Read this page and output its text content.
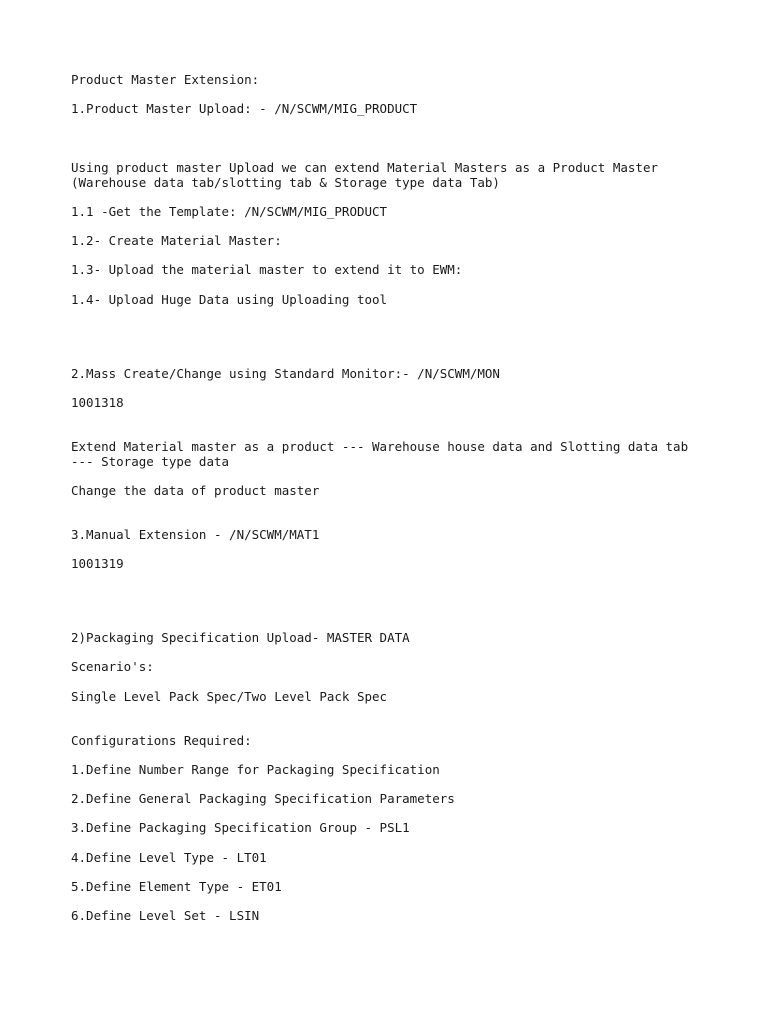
Product Master Extension:

1.Product Master Upload: - /N/SCWM/MIG_PRODUCT

Using product master Upload we can extend Material Masters as a Product Master

(Warehouse data tab/slotting tab & Storage type data Tab)

1.1 -Get the Template: /N/SCWM/MIG_PRODUCT

1.2- Create Material Master:

1.3- Upload the material master to extend it to EWM:

1.4- Upload Huge Data using Uploading tool

2.Mass Create/Change using Standard Monitor:- /N/SCWM/MON

1001318

Extend Material master as a product --- Warehouse house data and Slotting data tab

--- Storage type data

Change the data of product master

3.Manual Extension - /N/SCWM/MAT1

1001319

2)Packaging Specification Upload- MASTER DATA

Scenario's:

Single Level Pack Spec/Two Level Pack Spec

Configurations Required:

1.Define Number Range for Packaging Specification

2.Define General Packaging Specification Parameters

3.Define Packaging Specification Group - PSL1

4.Define Level Type - LT01

5.Define Element Type - ET01

6.Define Level Set - LSIN
